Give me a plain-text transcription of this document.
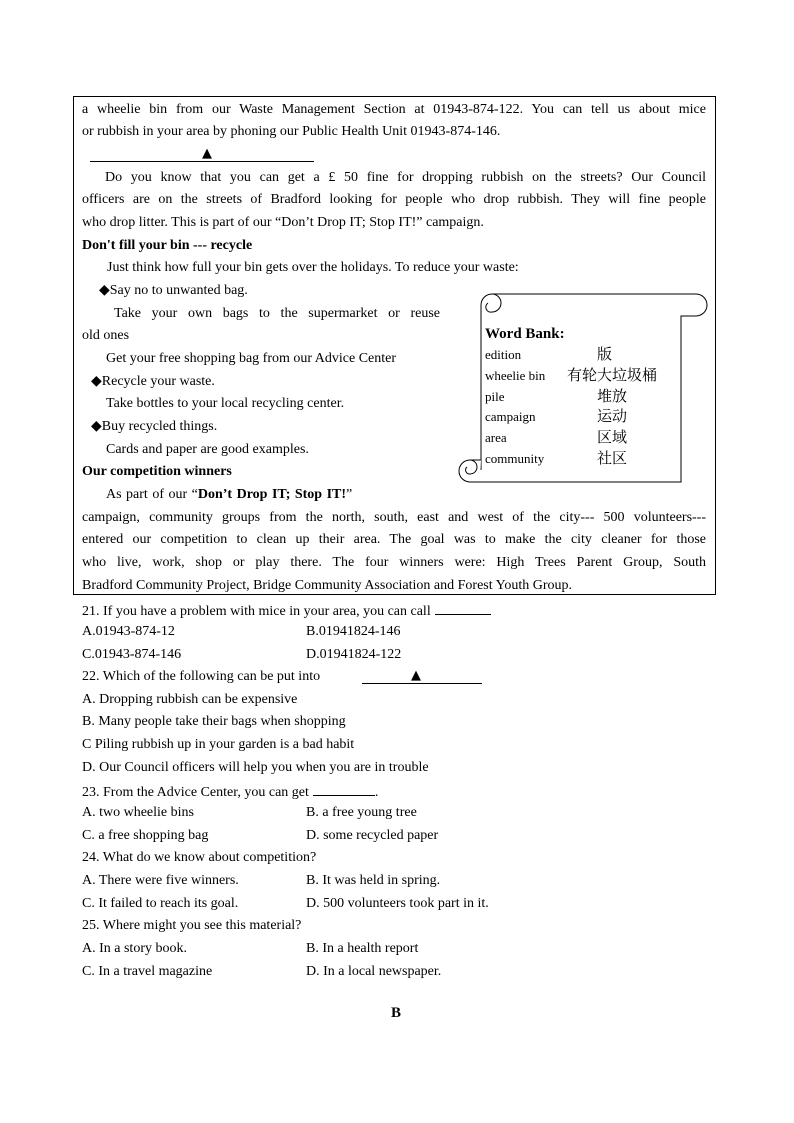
a wheelie bin from our Waste Management Section at 01943-874-122. You can tell us about mice
or rubbish in your area by phoning our Public Health Unit 01943-874-146.
▲
Do you know that you can get a £ 50 fine for dropping rubbish on the streets? Our Council
officers are on the streets of Bradford looking for people who drop rubbish. They will fine people
who drop litter. This is part of our “Don’t Drop IT; Stop IT!” campaign.
Don't fill your bin --- recycle
Just think how full your bin gets over the holidays. To reduce your waste:
◆Say no to unwanted bag.
Take your own bags to the supermarket or reuse
old ones
Get your free shopping bag from our Advice Center
◆Recycle your waste.
Take bottles to your local recycling center.
◆Buy recycled things.
Cards and paper are good examples.
Our competition winners
As part of our “Don’t Drop IT; Stop IT!”
campaign, community groups from the north, south, east and west of the city--- 500 volunteers---
entered our competition to clean up their area. The goal was to make the city cleaner for those
who live, work, shop or play there. The four winners were: High Trees Parent Group, South
Bradford Community Project, Bridge Community Association and Forest Youth Group.
Word Bank:
edition	版
wheelie bin 有轮大垃圾桶
pile	堆放
campaign	运动
area	区域
community	社区
21. If you have a problem with mice in your area, you can call
A.01943-874-12	B.01941824-146
C.01943-874-146	D.01941824-122
22. Which of the following can be put into	▲
A. Dropping rubbish can be expensive
B. Many people take their bags when shopping
C Piling rubbish up in your garden is a bad habit
D. Our Council officers will help you when you are in trouble
23. From the Advice Center, you can get	.
A. two wheelie bins	B. a free young tree
C. a free shopping bag	D. some recycled paper
24. What do we know about competition?
A. There were five winners.	B. It was held in spring.
C. It failed to reach its goal.	D. 500 volunteers took part in it.
25. Where might you see this material?
A. In a story book.	B. In a health report
C. In a travel magazine	D. In a local newspaper.
B
